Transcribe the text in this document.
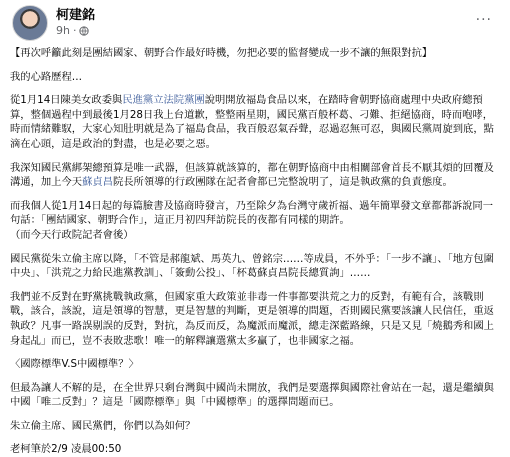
柯建銘
9h ·
···

【再次呼籲此刻是團結國家、朝野合作最好時機，勿把必要的監督變成一步不讓的無限對抗】

我的心路歷程…

從1月14日陳美女政委與民進黨立法院黨團說明開放福島食品以來，在踏時會朝野協商處理中央政府總預算，整個過程中到最後1月28日我上台道歉，整整兩星期，國民黨百般杯葛、刁難、拒絕協商，時而咆哮，時而情緒難馭，大家心知肚明就是為了福島食品，我百般忍氣吞聲，忍過忍無可忍，與國民黨周旋到底，點滴在心頭，這是政治的對盡，也是必要之惡。

我深知國民黨綁架總預算是唯一武器，但該算就該算的，都在朝野協商中由相關部會首長不厭其煩的回覆及溝通，加上今天蘇貞昌院長所領導的行政團隊在記者會都已完整說明了，這是執政黨的負責態度。

而我個人從1月14日起的每篇臉書及協商時發言，乃至除夕為台灣守歲祈福、過年簡單發文章都都訴說同一句話：「團結國家、朝野合作」，這正月初四拜訪院長的夜都有同樣的期許。

（而今天行政院記者會後）

國民黨從朱立倫主席以降，「不管是郝龍斌、馬英九、曾銘宗……等成員，不外乎：「一步不讓」、「地方包圍中央」、「洪荒之力給民進黨教訓」、「簽動公投」、「杯葛蘇貞昌院長總質詢」……

我們並不反對在野黨挑戰執政黨，但國家重大政策並非毒一件事都要洪荒之力的反對，有範有合，該戰則戰，該合，該說，這是領導的智慧，更是智慧的判斷，更是領導的問題，否則國民黨要該讓人民信任，重返執政？凡事一路誤剔誤的反對，對抗，為反而反，為魔派而魔派，總走深藍路線，只是又見「燒鵝秀和國上身起乩」而已，豈不表敗悲歌！唯一的解釋讓選黨太多贏了，也非國家之福。

〈國際標準V.S中國標準？〉

但最為讓人不解的是，在全世界只剩台灣與中國尚未開放，我們是要選擇與國際社會站在一起，還是繼續與中國「唯二反對」？這是「國際標準」與「中國標準」的選擇問題而已。

朱立倫主席、國民黨們，你們以為如何？

老柯筆於2/9 凌晨00:50
